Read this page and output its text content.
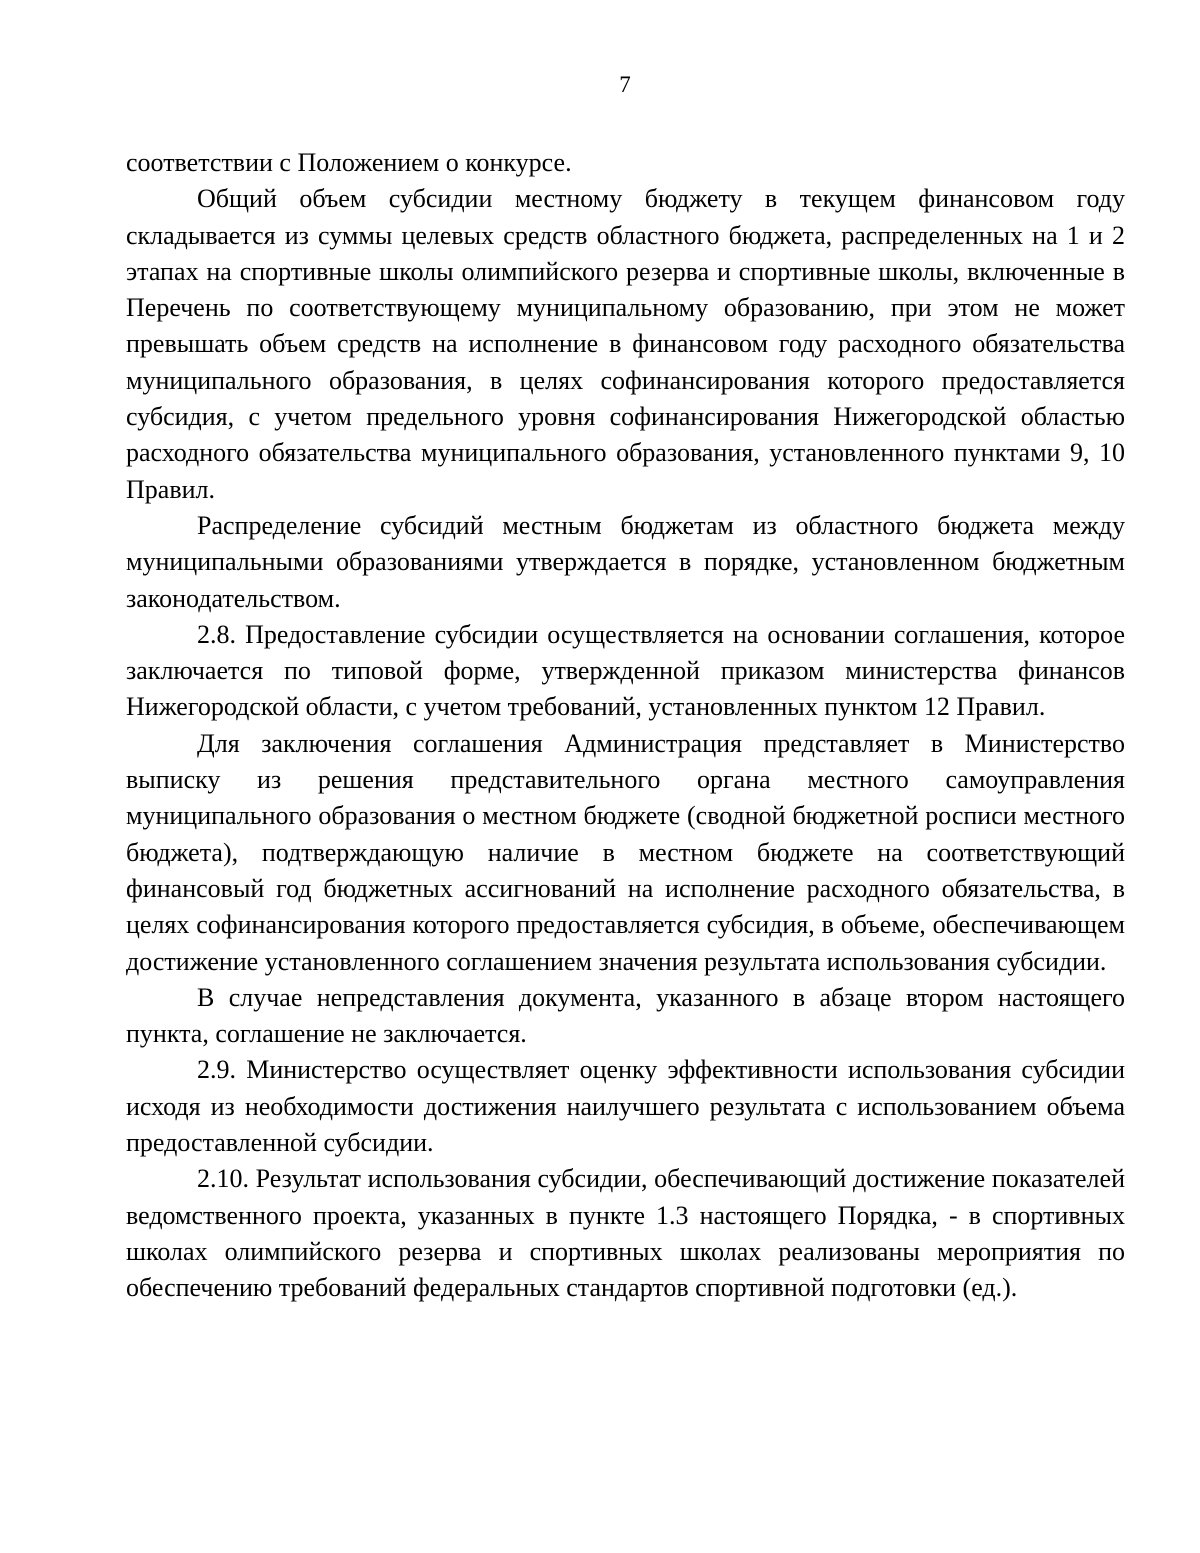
7

соответствии с Положением о конкурсе.

Общий объем субсидии местному бюджету в текущем финансовом году складывается из суммы целевых средств областного бюджета, распределенных на 1 и 2 этапах на спортивные школы олимпийского резерва и спортивные школы, включенные в Перечень по соответствующему муниципальному образованию, при этом не может превышать объем средств на исполнение в финансовом году расходного обязательства муниципального образования, в целях софинансирования которого предоставляется субсидия, с учетом предельного уровня софинансирования Нижегородской областью расходного обязательства муниципального образования, установленного пунктами 9, 10 Правил.

Распределение субсидий местным бюджетам из областного бюджета между муниципальными образованиями утверждается в порядке, установленном бюджетным законодательством.

2.8. Предоставление субсидии осуществляется на основании соглашения, которое заключается по типовой форме, утвержденной приказом министерства финансов Нижегородской области, с учетом требований, установленных пунктом 12 Правил.

Для заключения соглашения Администрация представляет в Министерство выписку из решения представительного органа местного самоуправления муниципального образования о местном бюджете (сводной бюджетной росписи местного бюджета), подтверждающую наличие в местном бюджете на соответствующий финансовый год бюджетных ассигнований на исполнение расходного обязательства, в целях софинансирования которого предоставляется субсидия, в объеме, обеспечивающем достижение установленного соглашением значения результата использования субсидии.

В случае непредставления документа, указанного в абзаце втором настоящего пункта, соглашение не заключается.

2.9. Министерство осуществляет оценку эффективности использования субсидии исходя из необходимости достижения наилучшего результата с использованием объема предоставленной субсидии.

2.10. Результат использования субсидии, обеспечивающий достижение показателей ведомственного проекта, указанных в пункте 1.3 настоящего Порядка, - в спортивных школах олимпийского резерва и спортивных школах реализованы мероприятия по обеспечению требований федеральных стандартов спортивной подготовки (ед.).
